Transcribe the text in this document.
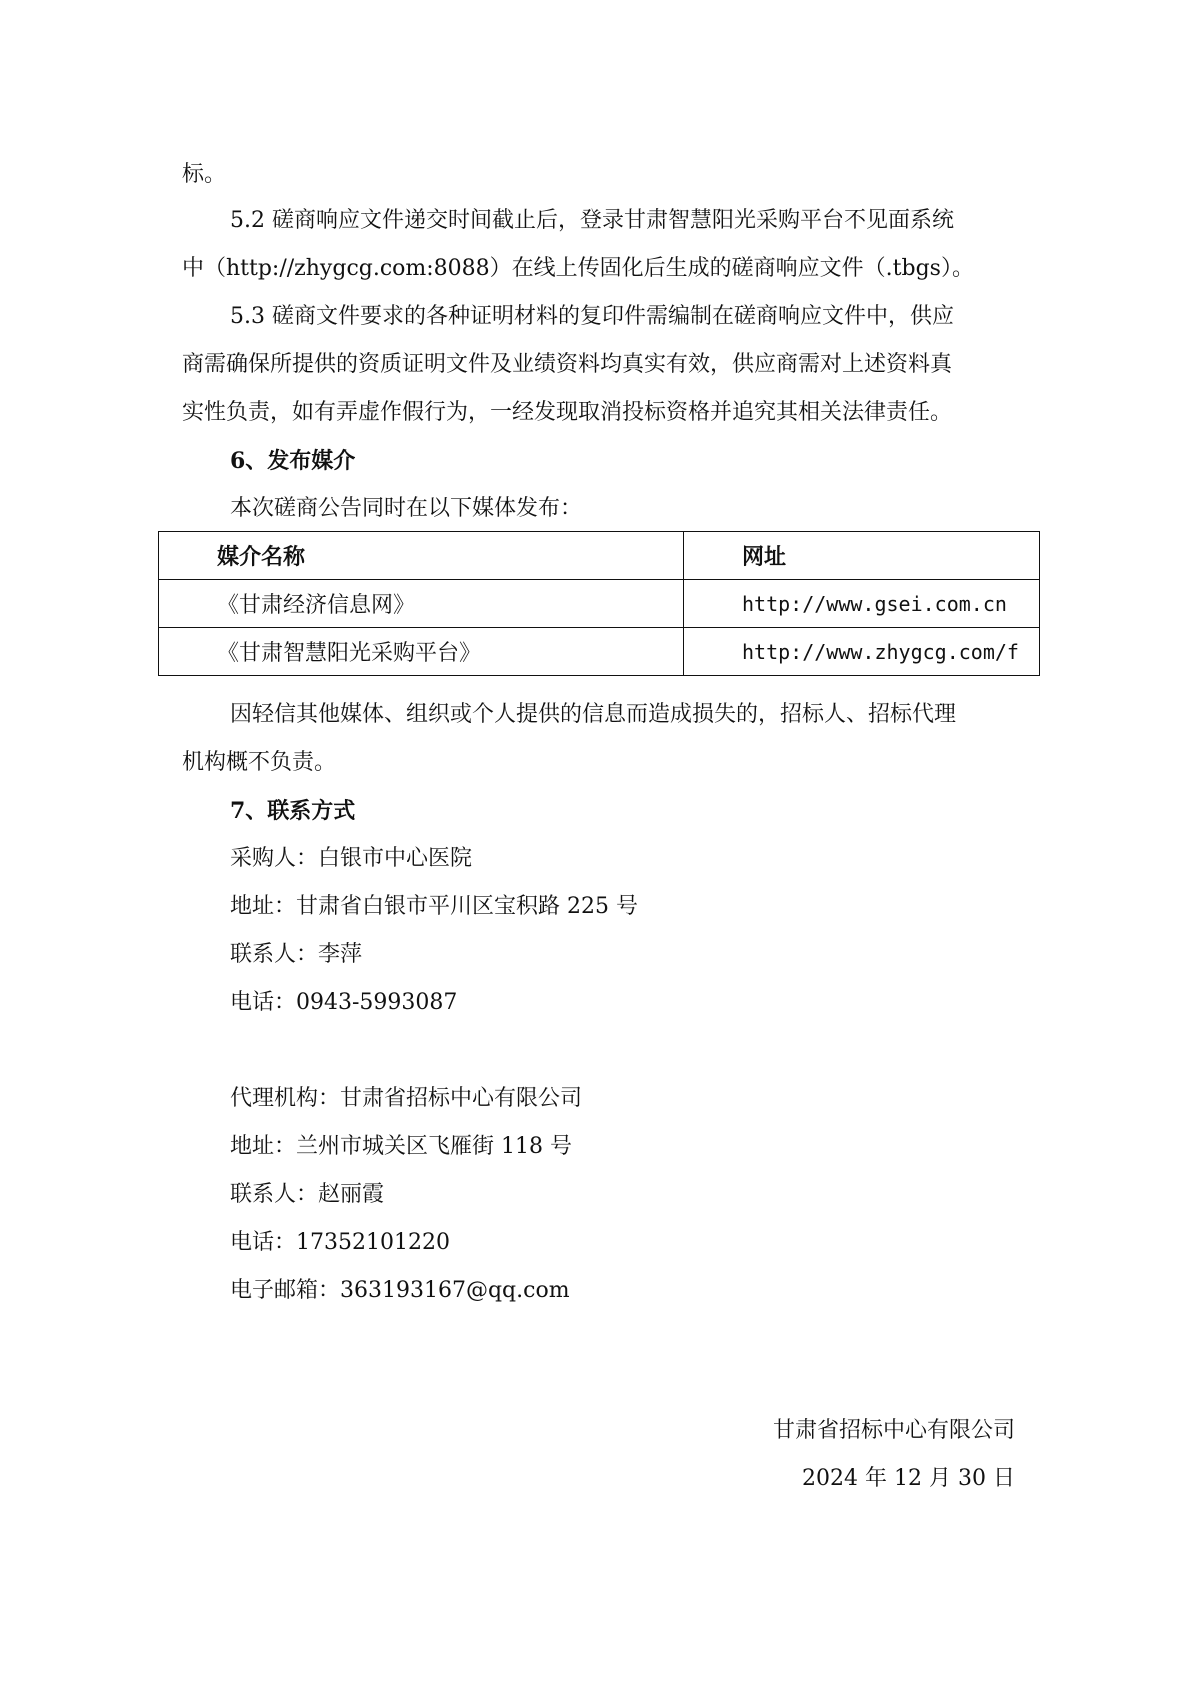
标。
5.2 磋商响应文件递交时间截止后，登录甘肃智慧阳光采购平台不见面系统
中（http://zhygcg.com:8088）在线上传固化后生成的磋商响应文件（.tbgs）。
5.3 磋商文件要求的各种证明材料的复印件需编制在磋商响应文件中，供应
商需确保所提供的资质证明文件及业绩资料均真实有效，供应商需对上述资料真
实性负责，如有弄虚作假行为，一经发现取消投标资格并追究其相关法律责任。
6、发布媒介
本次磋商公告同时在以下媒体发布：
媒介名称	网址
《甘肃经济信息网》	http://www.gsei.com.cn
《甘肃智慧阳光采购平台》	http://www.zhygcg.com/f
因轻信其他媒体、组织或个人提供的信息而造成损失的，招标人、招标代理
机构概不负责。
7、联系方式
采购人：白银市中心医院
地址：甘肃省白银市平川区宝积路 225 号
联系人：李萍
电话：0943-5993087
代理机构：甘肃省招标中心有限公司
地址：兰州市城关区飞雁街 118 号
联系人：赵丽霞
电话：17352101220
电子邮箱：363193167@qq.com
甘肃省招标中心有限公司
2024 年 12 月 30 日
